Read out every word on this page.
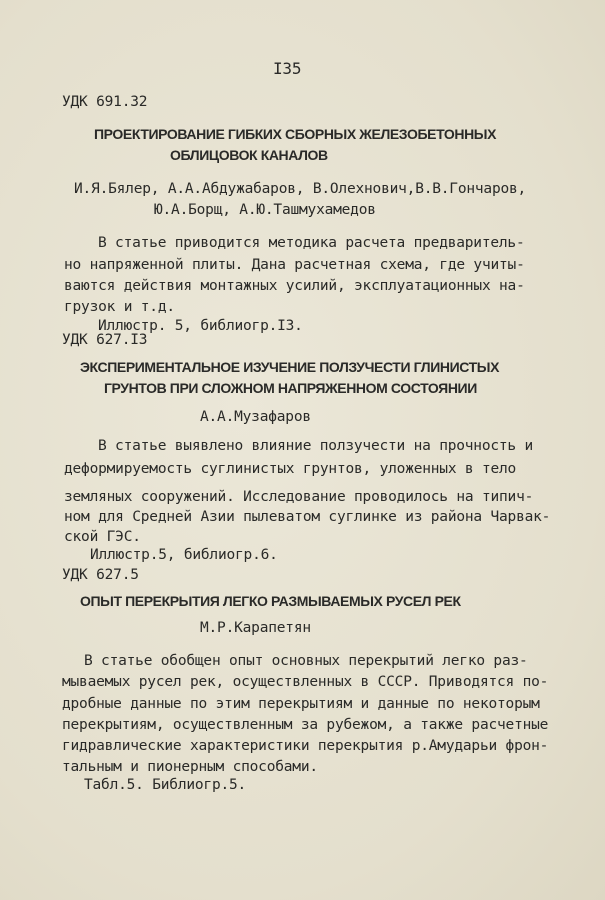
I35
УДК 691.32
ПРОЕКТИРОВАНИЕ ГИБКИХ СБОРНЫХ ЖЕЛЕЗОБЕТОННЫХ
ОБЛИЦОВОК КАНАЛОВ
И.Я.Бялер, А.А.Абдужабаров, В.Олехнович,В.В.Гончаров,
Ю.А.Борщ, А.Ю.Ташмухамедов
В статье приводится методика расчета предваритель-
но напряженной плиты. Дана расчетная схема, где учиты-
ваются действия монтажных усилий, эксплуатационных на-
грузок и т.д.
Иллюстр. 5, библиогр.I3.
УДК 627.I3
ЭКСПЕРИМЕНТАЛЬНОЕ ИЗУЧЕНИЕ ПОЛЗУЧЕСТИ ГЛИНИСТЫХ
ГРУНТОВ ПРИ СЛОЖНОМ НАПРЯЖЕННОМ СОСТОЯНИИ
А.А.Музафаров
В статье выявлено влияние ползучести на прочность и
деформируемость суглинистых грунтов, уложенных в тело
земляных сооружений. Исследование проводилось на типич-
ном для Средней Азии пылеватом суглинке из района Чарвак-
ской ГЭС.
Иллюстр.5, библиогр.6.
УДК 627.5
ОПЫТ ПЕРЕКРЫТИЯ ЛЕГКО РАЗМЫВАЕМЫХ РУСЕЛ РЕК
М.Р.Карапетян
В статье обобщен опыт основных перекрытий легко раз-
мываемых русел рек, осуществленных в СССР. Приводятся по-
дробные данные по этим перекрытиям и данные по некоторым
перекрытиям, осуществленным за рубежом, а также расчетные
гидравлические характеристики перекрытия р.Амударьи фрон-
тальным и пионерным способами.
Табл.5. Библиогр.5.
